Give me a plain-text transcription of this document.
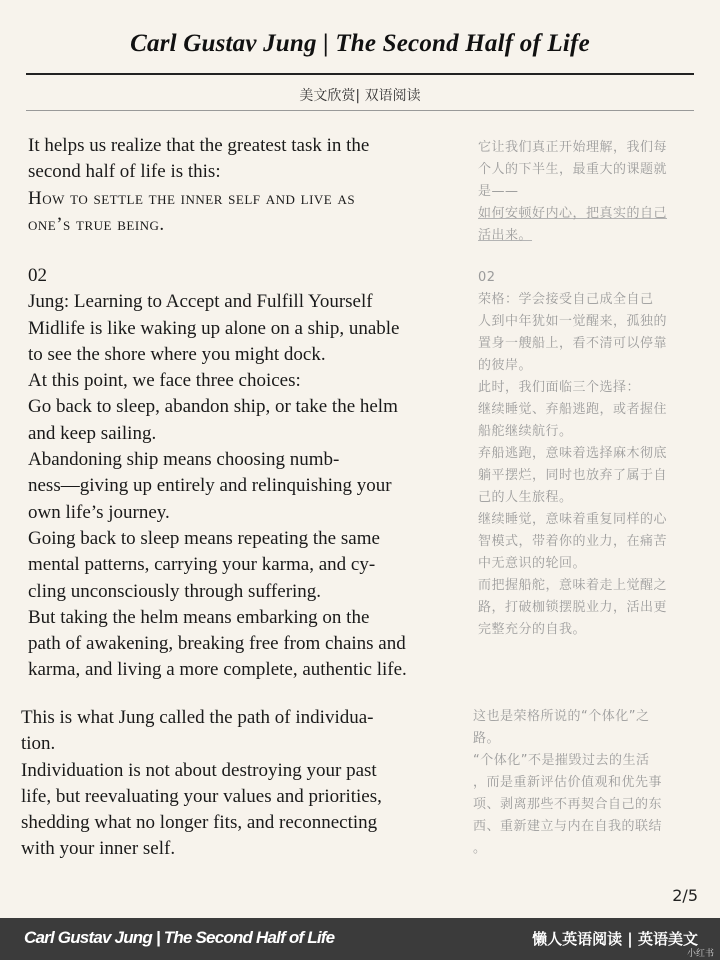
Carl Gustav Jung | The Second Half of Life
美文欣赏| 双语阅读
It helps us realize that the greatest task in the
second half of life is this:
How to settle the inner self and live as
one’s true being.
它让我们真正开始理解，我们每
个人的下半生，最重大的课题就
是——
如何安顿好内心，把真实的自己
活出来。
02
Jung: Learning to Accept and Fulfill Yourself
Midlife is like waking up alone on a ship, unable
to see the shore where you might dock.
At this point, we face three choices:
Go back to sleep, abandon ship, or take the helm
and keep sailing.
Abandoning ship means choosing numb-
ness—giving up entirely and relinquishing your
own life’s journey.
Going back to sleep means repeating the same
mental patterns, carrying your karma, and cy-
cling unconsciously through suffering.
But taking the helm means embarking on the
path of awakening, breaking free from chains and
karma, and living a more complete, authentic life.
02
荣格：学会接受自己成全自己
人到中年犹如一觉醒来，孤独的
置身一艘船上，看不清可以停靠
的彼岸。
此时，我们面临三个选择：
继续睡觉、弃船逃跑，或者握住
船舵继续航行。
弃船逃跑，意味着选择麻木彻底
躺平摆烂，同时也放弃了属于自
己的人生旅程。
继续睡觉，意味着重复同样的心
智模式，带着你的业力，在痛苦
中无意识的轮回。
而把握船舵，意味着走上觉醒之
路，打破枷锁摆脱业力，活出更
完整充分的自我。
This is what Jung called the path of individua-
tion.
Individuation is not about destroying your past
life, but reevaluating your values and priorities,
shedding what no longer fits, and reconnecting
with your inner self.
这也是荣格所说的“个体化”之
路。
“个体化”不是摧毁过去的生活
，而是重新评估价值观和优先事
项、剥离那些不再契合自己的东
西、重新建立与内在自我的联结
。
2/5
Carl Gustav Jung | The Second Half of Life	懒人英语阅读 | 英语美文
小红书
